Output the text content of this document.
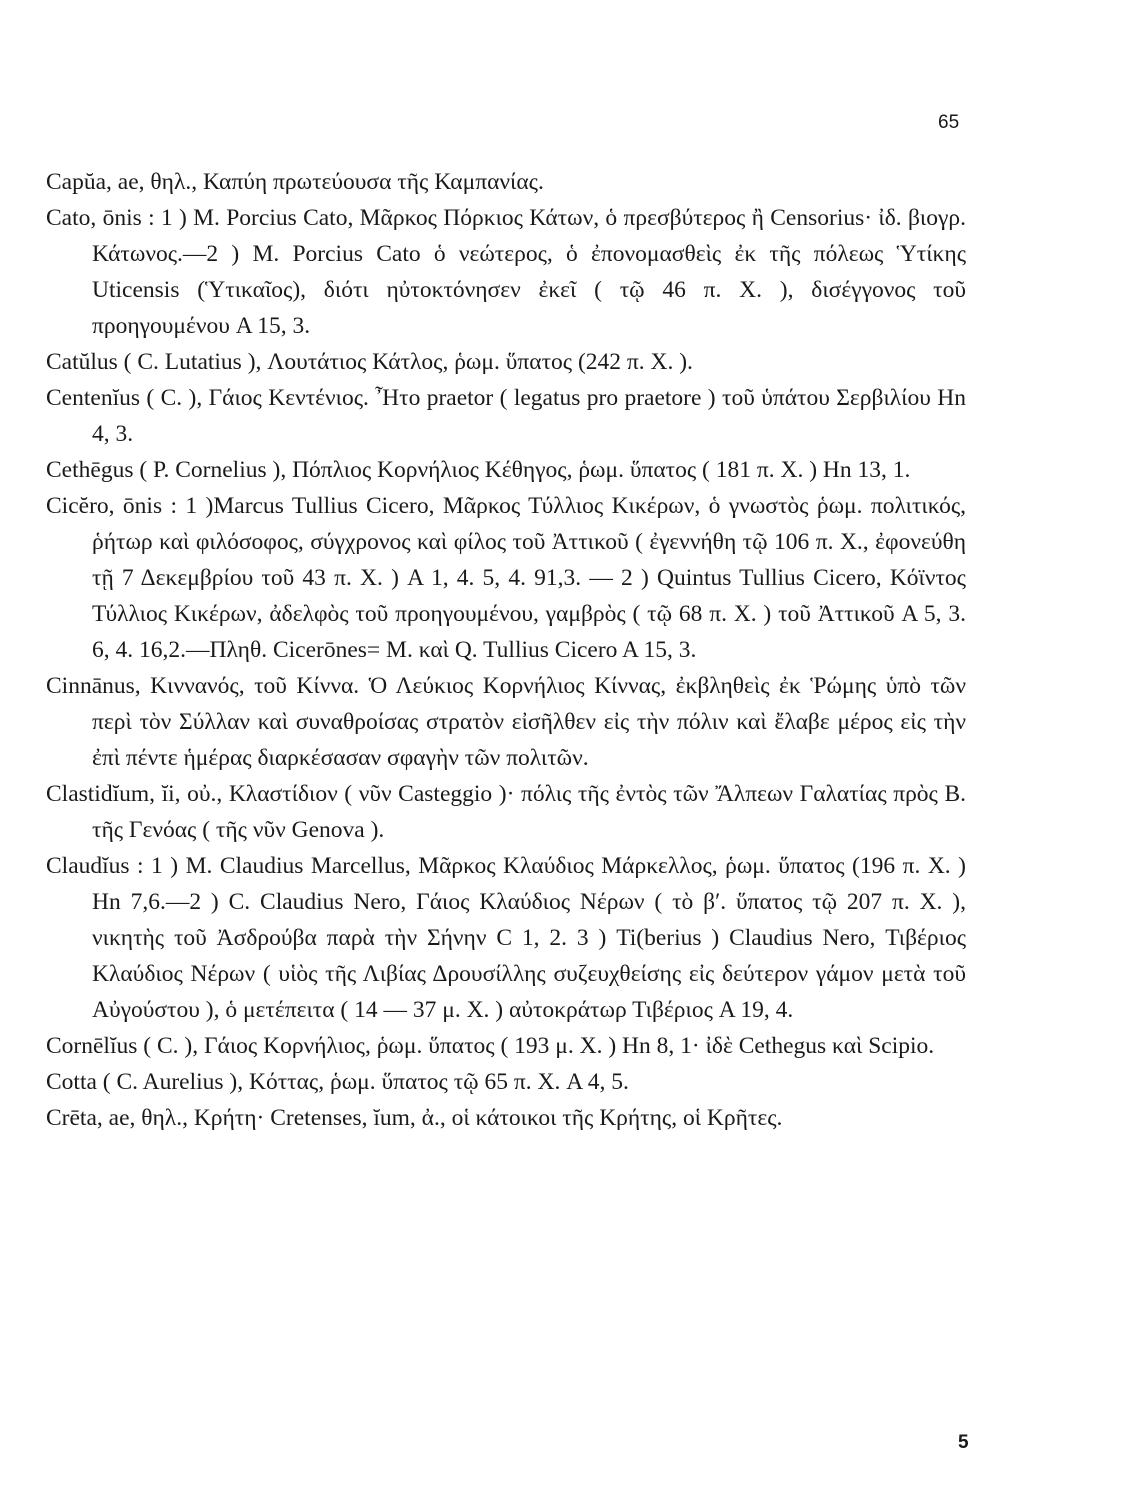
65

Capŭa, ae, θηλ., Καπύη πρωτεύουσα τῆς Καμπανίας.

Cato, ōnis : 1 ) M. Porcius Cato, Μᾶρκος Πόρκιος Κάτων, ὁ πρεσβύτερος ἢ Censorius· ἰδ. βιογρ. Κάτωνος.—2 ) M. Porcius Cato ὁ νεώτερος, ὁ ἐπονομασθεὶς ἐκ τῆς πόλεως Ὑτίκης Uticensis (Ὑτικαῖος), διότι ηὐτοκτόνησεν ἐκεῖ ( τῷ 46 π. Χ. ), δισέγγονος τοῦ προηγουμένου A 15, 3.

Catŭlus ( C. Lutatius ), Λουτάτιος Κάτλος, ῥωμ. ὕπατος (242 π. Χ. ).

Centenĭus ( C. ), Γάιος Κεντένιος. Ἦτο praetor ( legatus pro praetore ) τοῦ ὑπάτου Σερβιλίου Hn 4, 3.

Cethēgus ( P. Cornelius ), Πόπλιος Κορνήλιος Κέθηγος, ῥωμ. ὕπατος ( 181 π. Χ. ) Hn 13, 1.

Cicĕro, ōnis : 1 )Marcus Tullius Cicero, Μᾶρκος Τύλλιος Κικέρων, ὁ γνωστὸς ῥωμ. πολιτικός, ῥήτωρ καὶ φιλόσοφος, σύγχρονος καὶ φίλος τοῦ Ἀττικοῦ ( ἐγεννήθη τῷ 106 π. Χ., ἐφονεύθη τῇ 7 Δεκεμβρίου τοῦ 43 π. Χ. ) A 1, 4. 5, 4. 91,3. — 2 ) Quintus Tullius Cicero, Κόϊντος Τύλλιος Κικέρων, ἀδελφὸς τοῦ προηγουμένου, γαμβρὸς ( τῷ 68 π. Χ. ) τοῦ Ἀττικοῦ A 5, 3. 6, 4. 16,2.—Πληθ. Cicerōnes= M. καὶ Q. Tullius Cicero A 15, 3.

Cinnānus, Κιννανός, τοῦ Κίννα. Ὁ Λεύκιος Κορνήλιος Κίννας, ἐκβληθεὶς ἐκ Ῥώμης ὑπὸ τῶν περὶ τὸν Σύλλαν καὶ συναθροίσας στρατὸν εἰσῆλθεν εἰς τὴν πόλιν καὶ ἔλαβε μέρος εἰς τὴν ἐπὶ πέντε ἡμέρας διαρκέσασαν σφαγὴν τῶν πολιτῶν.

Clastidĭum, ĭi, οὐ., Κλαστίδιον ( νῦν Casteggio )· πόλις τῆς ἐντὸς τῶν Ἄλπεων Γαλατίας πρὸς Β. τῆς Γενόας ( τῆς νῦν Genova ).

Claudĭus : 1 ) M. Claudius Marcellus, Μᾶρκος Κλαύδιος Μάρκελλος, ῥωμ. ὕπατος (196 π. Χ. ) Hn 7,6.—2 ) C. Claudius Nero, Γάιος Κλαύδιος Νέρων ( τὸ β′. ὕπατος τῷ 207 π. Χ. ), νικητὴς τοῦ Ἀσδρούβα παρὰ τὴν Σήνην C 1, 2. 3 ) Ti(berius ) Claudius Nero, Τιβέριος Κλαύδιος Νέρων ( υἱὸς τῆς Λιβίας Δρουσίλλης συζευχθείσης εἰς δεύτερον γάμον μετὰ τοῦ Αὐγούστου ), ὁ μετέπειτα ( 14 — 37 μ. Χ. ) αὐτοκράτωρ Τιβέριος A 19, 4.

Cornēlĭus ( C. ), Γάιος Κορνήλιος, ῥωμ. ὕπατος ( 193 μ. Χ. ) Hn 8, 1· ἰδὲ Cethegus καὶ Scipio.

Cotta ( C. Aurelius ), Κόττας, ῥωμ. ὕπατος τῷ 65 π. Χ. A 4, 5.

Crēta, ae, θηλ., Κρήτη· Cretenses, ĭum, ἀ., οἱ κάτοικοι τῆς Κρήτης, οἱ Κρῆτες.

5
